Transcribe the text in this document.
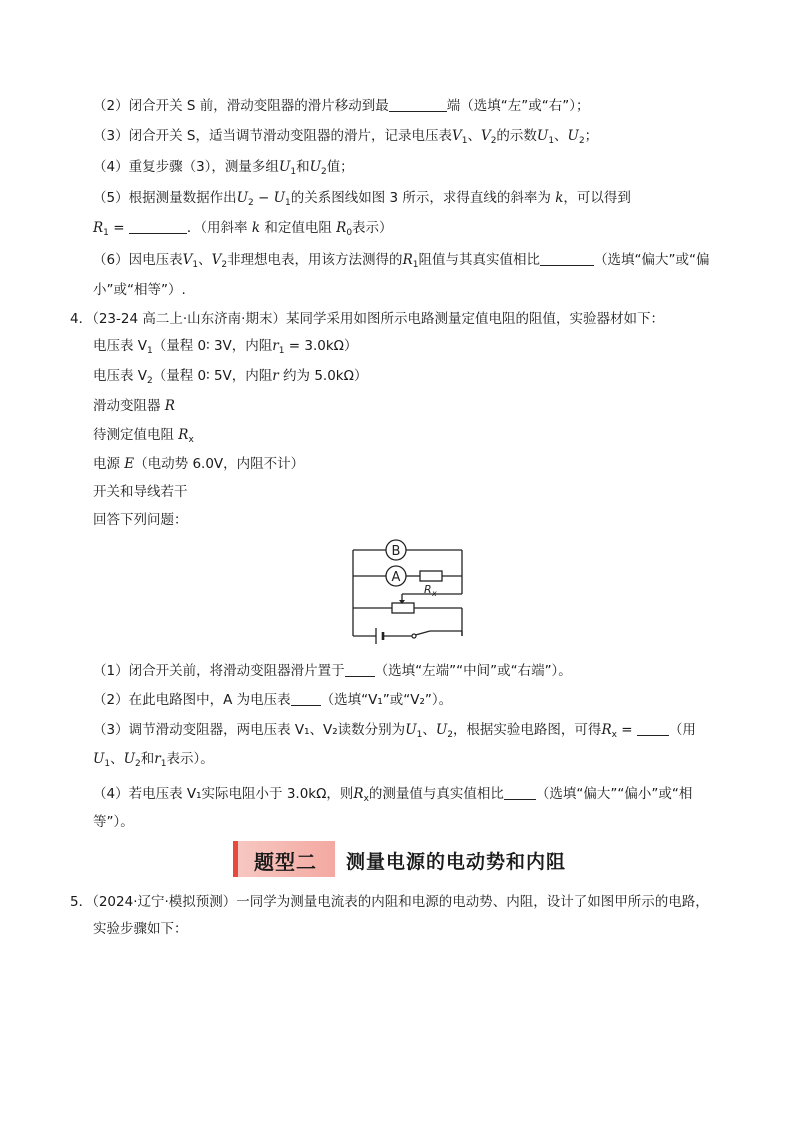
（2）闭合开关 S 前，滑动变阻器的滑片移动到最	端（选填“左”或“右”）；
（3）闭合开关 S，适当调节滑动变阻器的滑片，记录电压表$V_1$、$V_2$的示数$U_1$、$U_2$；
（4）重复步骤（3），测量多组$U_1$和$U_2$值；
（5）根据测量数据作出$U_2 - U_1$的关系图线如图 3 所示，求得直线的斜率为 k，可以得到
$R_1$ =	．（用斜率 k 和定值电阻 $R_0$表示）
（6）因电压表$V_1$、$V_2$非理想电表，用该方法测得的$R_1$阻值与其真实值相比	（选填“偏大”或“偏
小”或“相等”）.
4．（23-24 高二上·山东济南·期末）某同学采用如图所示电路测量定值电阻的阻值，实验器材如下：
电压表 $V_1$（量程 0∶ 3V，内阻$r_1 = 3.0k\Omega$）
电压表 $V_2$（量程 0∶ 5V，内阻r 约为 5.0kΩ）
滑动变阻器 R
待测定值电阻 $R_x$
电源 E（电动势 6.0V，内阻不计）
开关和导线若干
回答下列问题：
B
A
R x
（1）闭合开关前，将滑动变阻器滑片置于 （选填“左端”“中间”或“右端”）。
（2）在此电路图中，A 为电压表 （选填“V₁”或“V₂”）。
（3）调节滑动变阻器，两电压表 V₁、V₂读数分别为$U_1$、$U_2$，根据实验电路图，可得$R_x$ = （用
$U_1$、$U_2$和$r_1$表示）。
（4）若电压表 V₁实际电阻小于 3.0kΩ，则$R_x$的测量值与真实值相比 （选填“偏大”“偏小”或“相
等”）。
题型二 测量电源的电动势和内阻
5．（2024·辽宁·模拟预测）一同学为测量电流表的内阻和电源的电动势、内阻，设计了如图甲所示的电路，
实验步骤如下：
